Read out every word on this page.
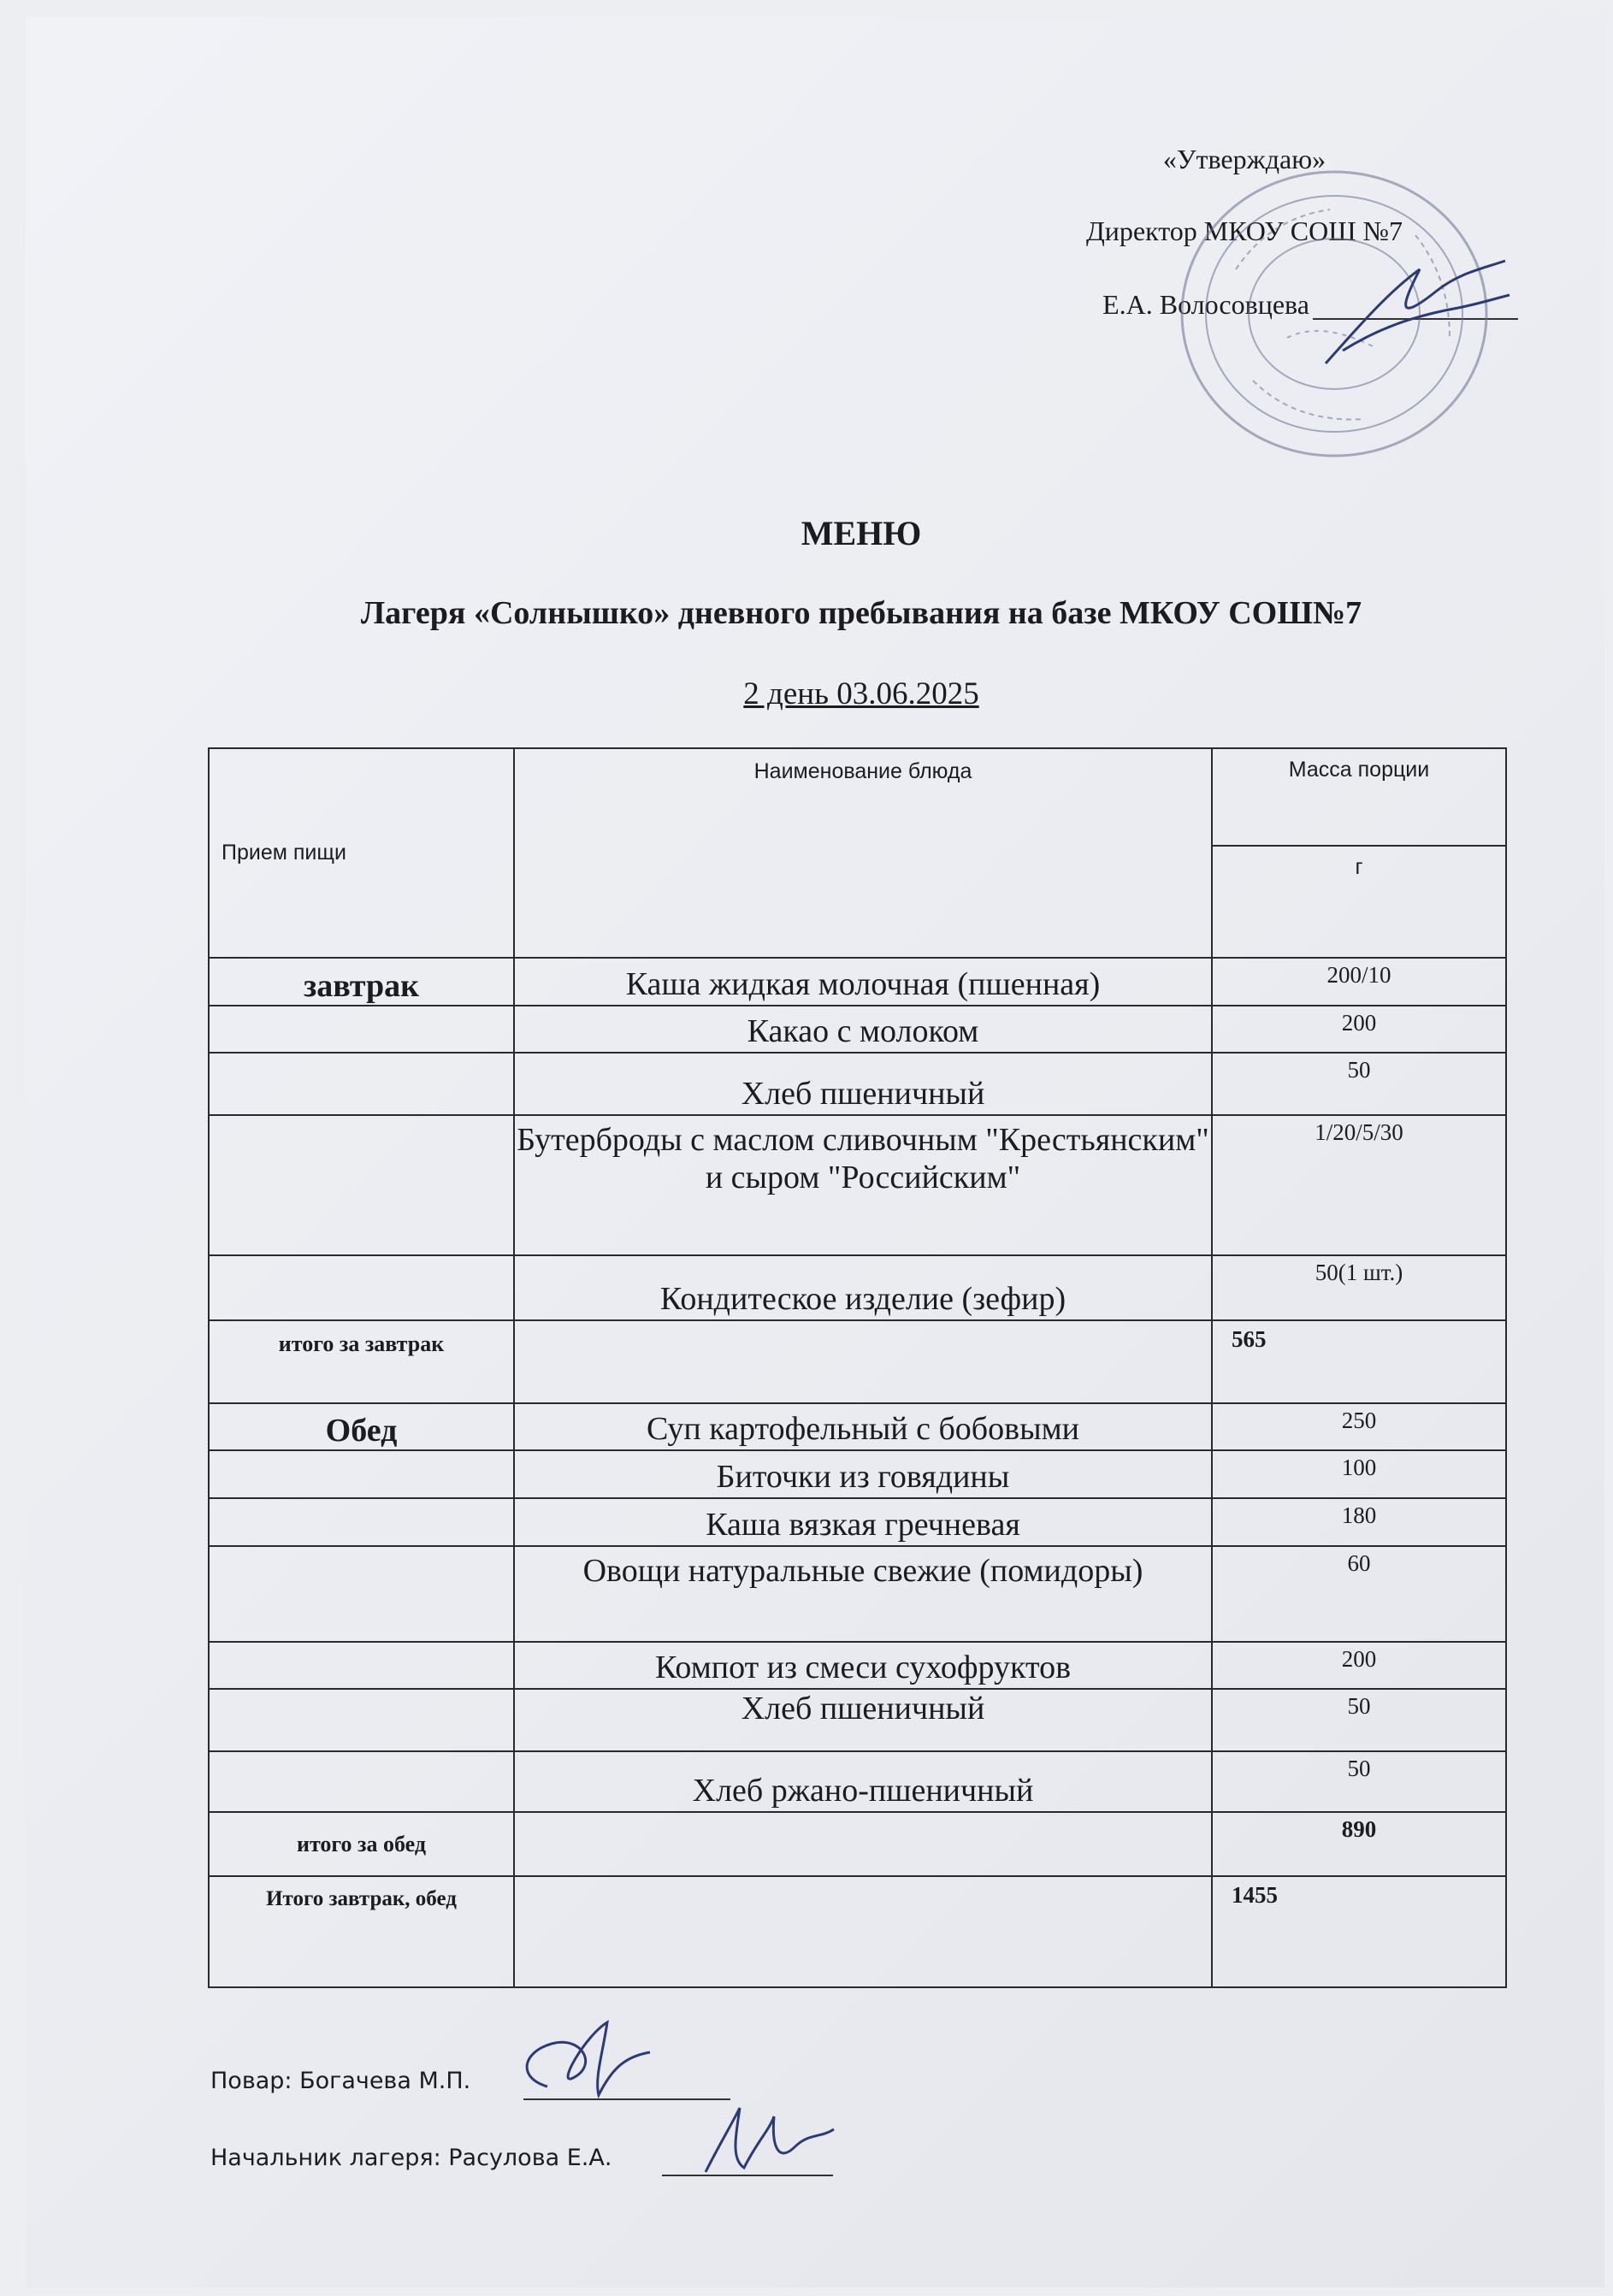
«Утверждаю»
Директор МКОУ СОШ №7
Е.А. Волосовцева
МЕНЮ
Лагеря «Солнышко» дневного пребывания на базе МКОУ СОШ№7
2 день 03.06.2025
Прием пищи	Наименование блюда	Масса порции
		г
завтрак	Каша жидкая молочная (пшенная)	200/10
	Какао с молоком	200
	Хлеб пшеничный	50
	Бутерброды с маслом сливочным "Крестьянским" и сыром "Российским"	1/20/5/30
	Кондитеское изделие (зефир)	50(1 шт.)
итого за завтрак		565
Обед	Суп картофельный с бобовыми	250
	Биточки из говядины	100
	Каша вязкая гречневая	180
	Овощи натуральные свежие (помидоры)	60
	Компот из смеси сухофруктов	200
	Хлеб пшеничный	50
	Хлеб ржано-пшеничный	50
итого за обед		890
Итого завтрак, обед		1455
Повар: Богачева М.П.
Начальник лагеря: Расулова Е.А.
